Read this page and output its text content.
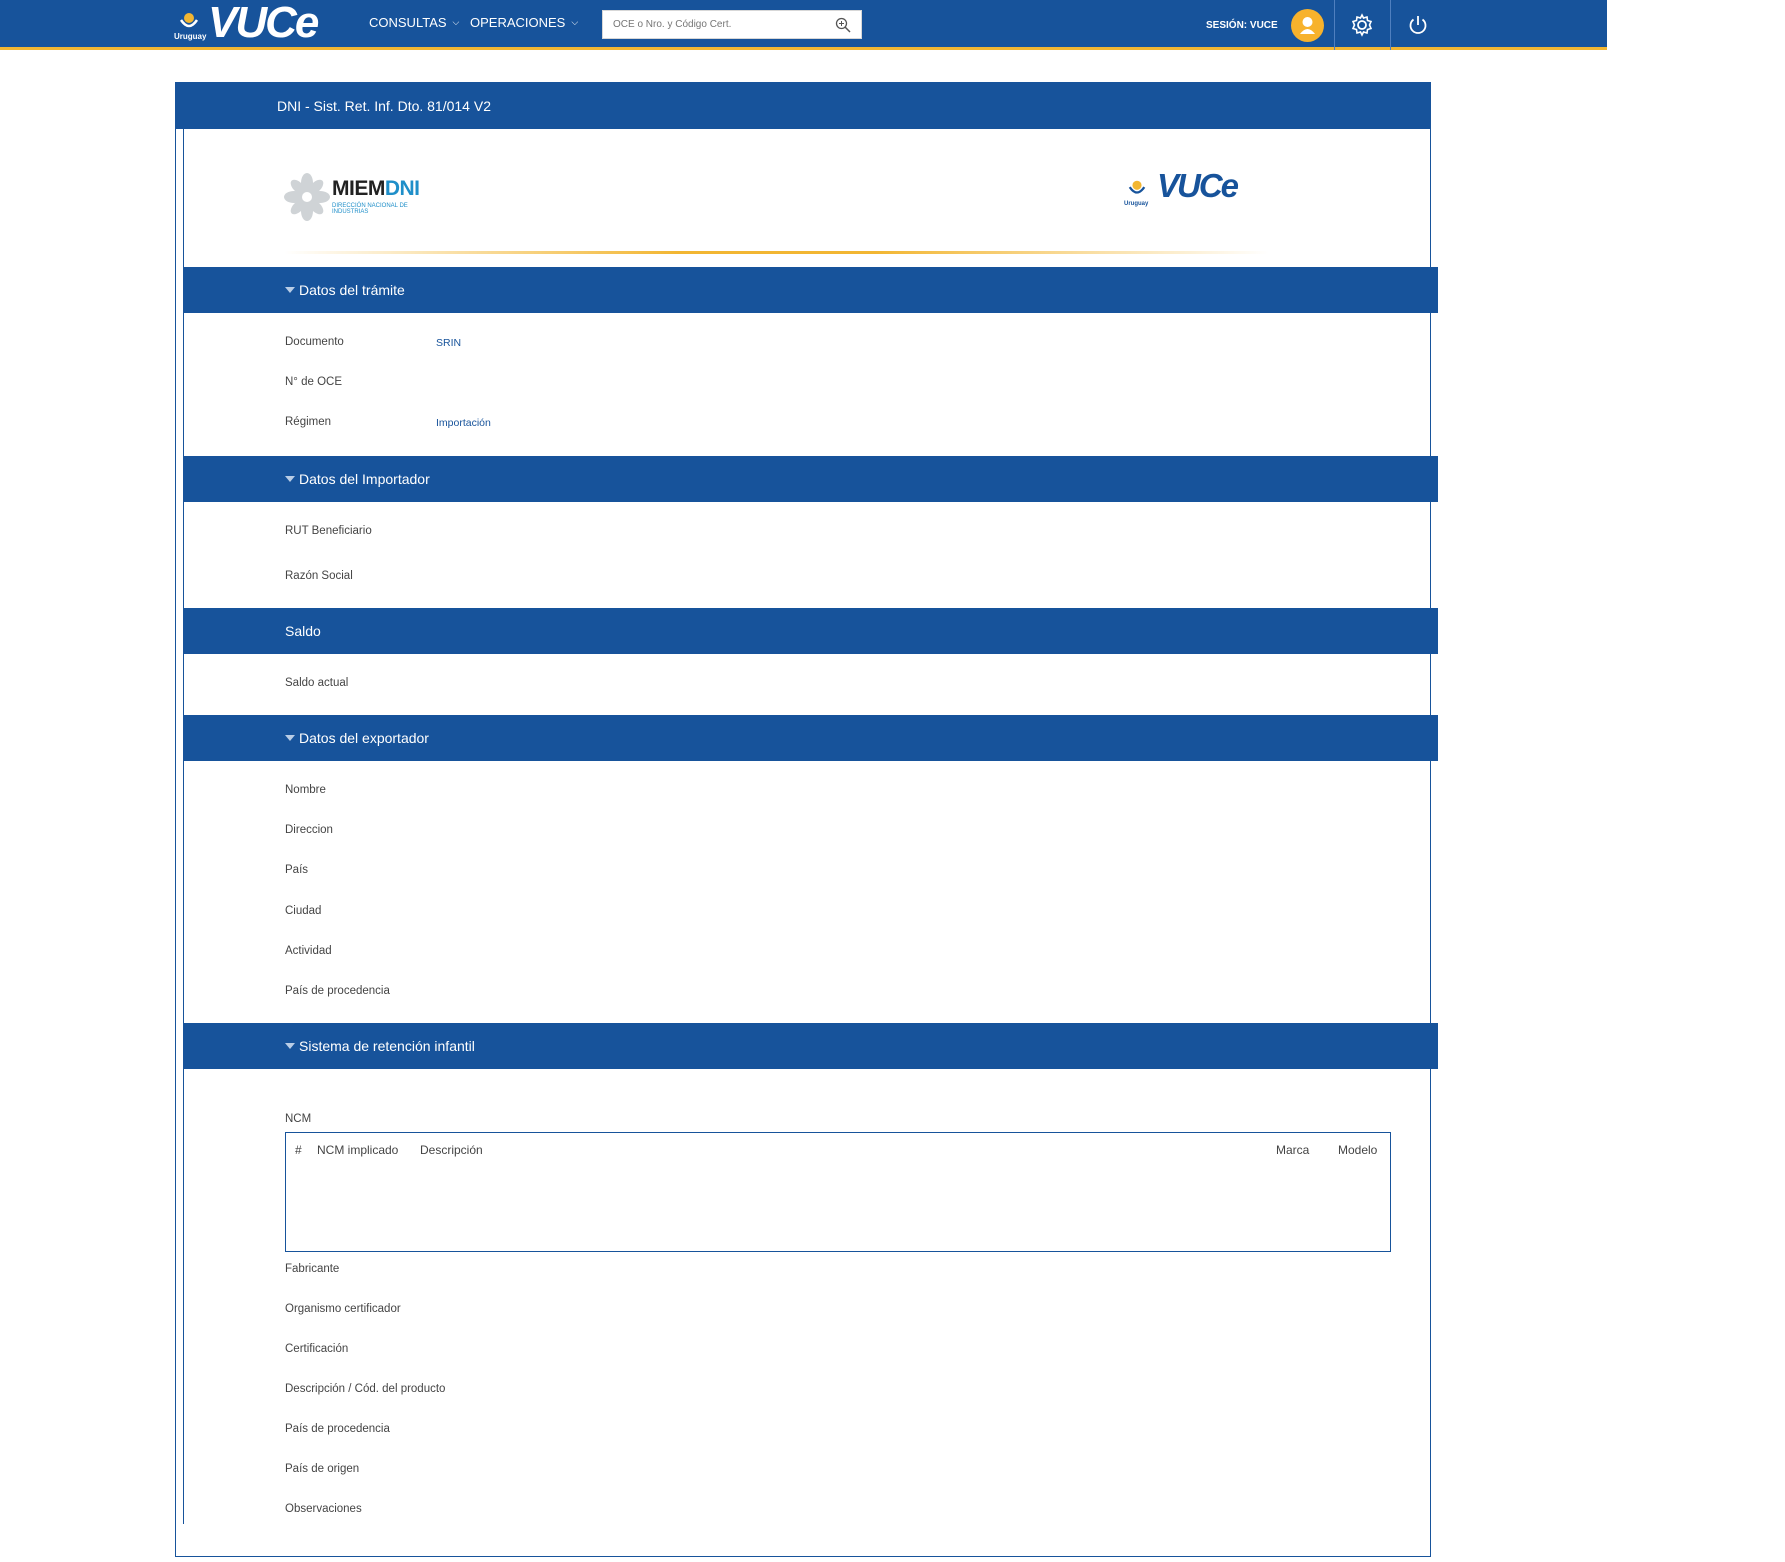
Uruguay VUCe	CONSULTAS ⌵ OPERACIONES ⌵
OCE o Nro. y Código Cert.	SESIÓN: VUCE
DNI - Sist. Ret. Inf. Dto. 81/014 V2
MIEMDNI
DIRECCIÓN NACIONAL DE INDUSTRIAS
Uruguay VUCe
Datos del trámite
Documento	SRIN
N° de OCE
Régimen	Importación
Datos del Importador
RUT Beneficiario
Razón Social
Saldo
Saldo actual
Datos del exportador
Nombre
Direccion
País
Ciudad
Actividad
País de procedencia
Sistema de retención infantil
NCM
# NCM implicado Descripción	Marca Modelo
Fabricante
Organismo certificador
Certificación
Descripción / Cód. del producto
País de procedencia
País de origen
Observaciones
